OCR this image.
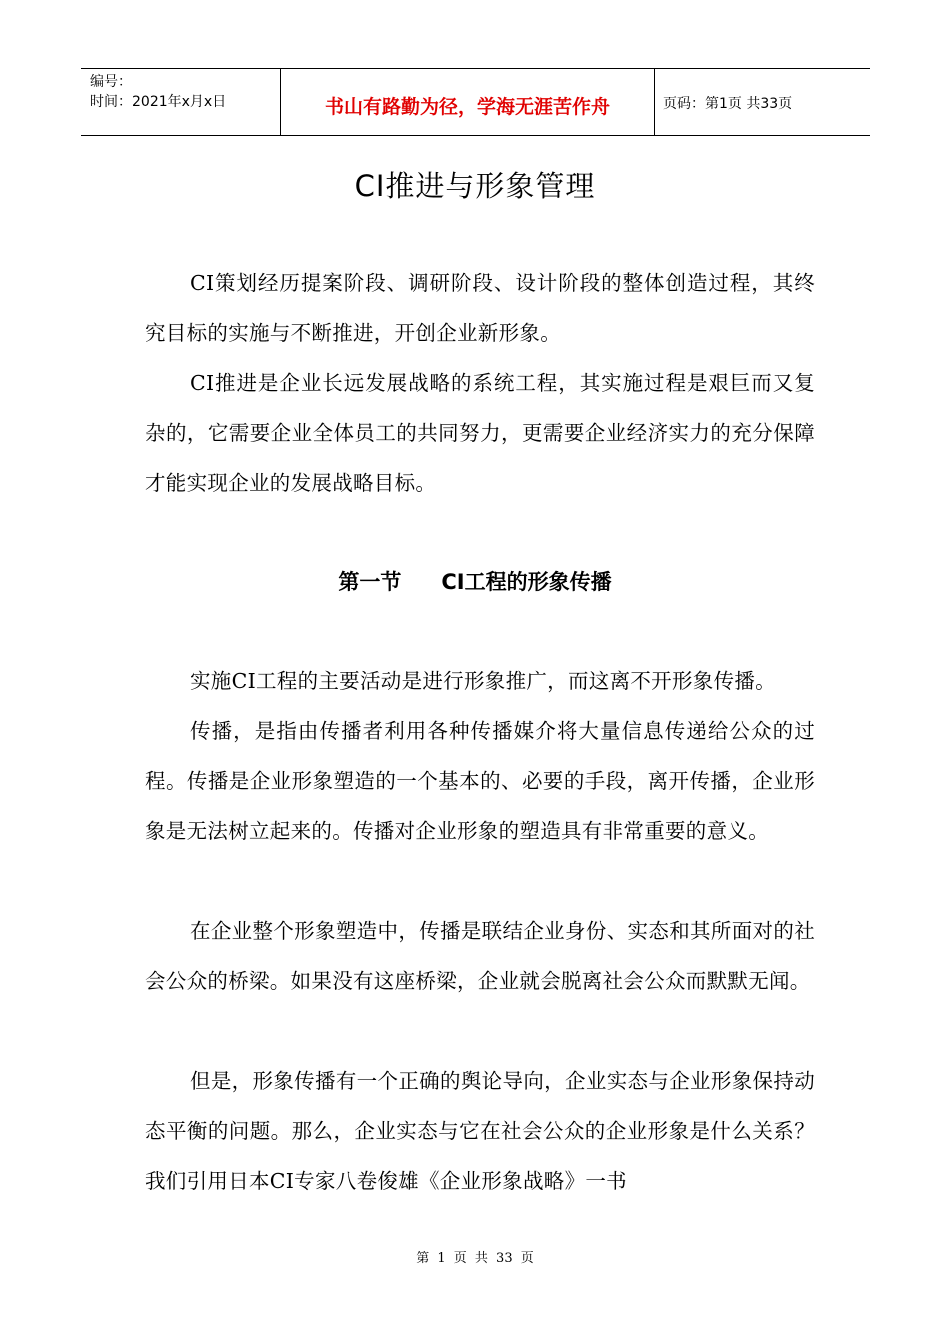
编号：
时间：2021年x月x日	书山有路勤为径，学海无涯苦作舟	页码：第1页 共33页
CI推进与形象管理

CI策划经历提案阶段、调研阶段、设计阶段的整体创造过程，其终究目标的实施与不断推进，开创企业新形象。

CI推进是企业长远发展战略的系统工程，其实施过程是艰巨而又复杂的，它需要企业全体员工的共同努力，更需要企业经济实力的充分保障才能实现企业的发展战略目标。

第一节 CI工程的形象传播

实施CI工程的主要活动是进行形象推广，而这离不开形象传播。

传播，是指由传播者利用各种传播媒介将大量信息传递给公众的过程。传播是企业形象塑造的一个基本的、必要的手段，离开传播，企业形象是无法树立起来的。传播对企业形象的塑造具有非常重要的意义。

在企业整个形象塑造中，传播是联结企业身份、实态和其所面对的社会公众的桥梁。如果没有这座桥梁，企业就会脱离社会公众而默默无闻。

但是，形象传播有一个正确的舆论导向，企业实态与企业形象保持动态平衡的问题。那么，企业实态与它在社会公众的企业形象是什么关系？我们引用日本CI专家八卷俊雄《企业形象战略》一书

第 1 页 共 33 页
